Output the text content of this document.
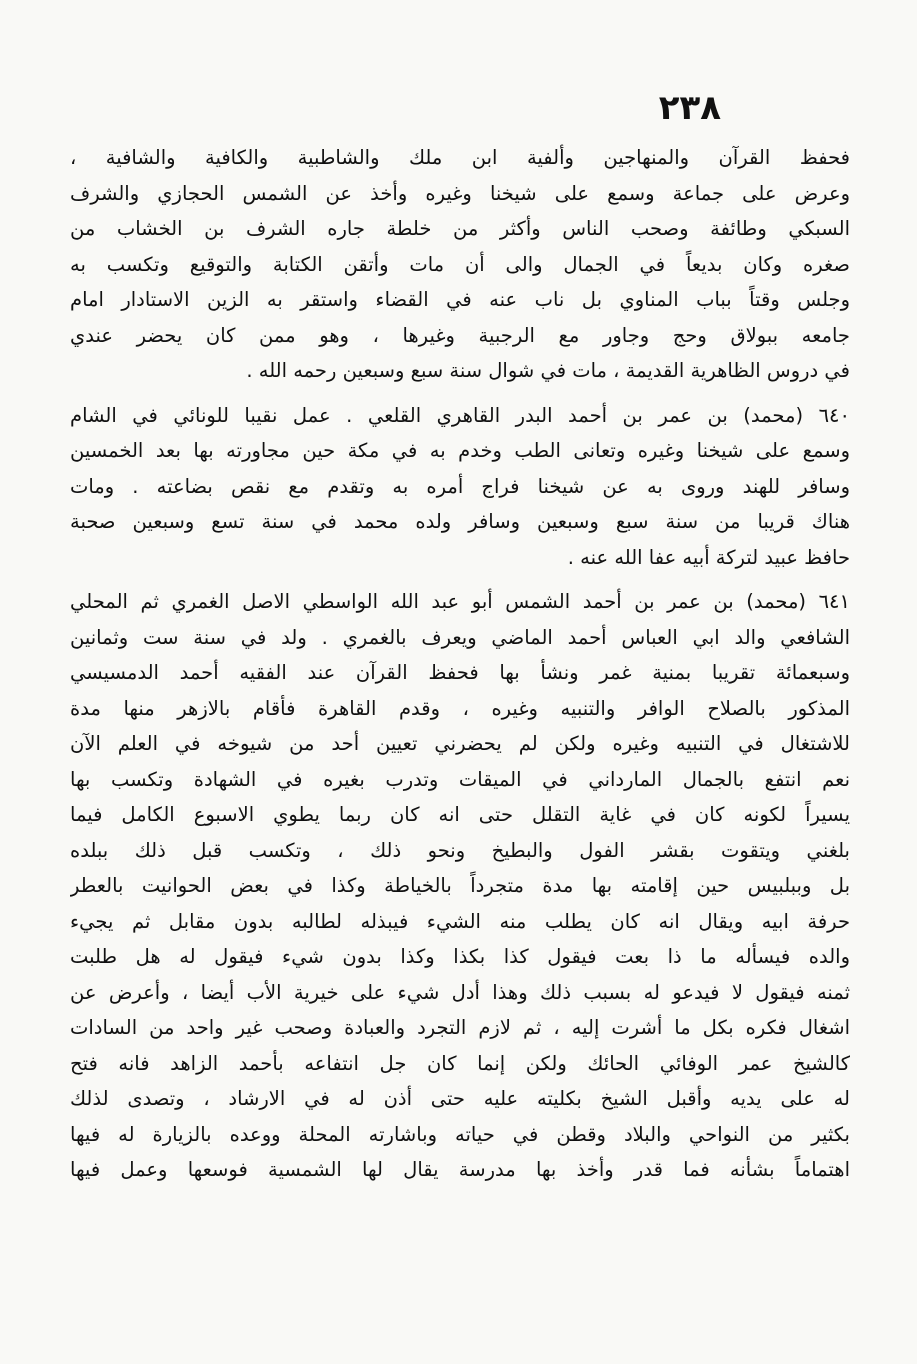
٢٣٨
فحفظ القرآن والمنهاجين وألفية ابن ملك والشاطبية والكافية والشافية ،
وعرض على جماعة وسمع على شيخنا وغيره وأخذ عن الشمس الحجازي والشرف
السبكي وطائفة وصحب الناس وأكثر من خلطة جاره الشرف بن الخشاب من
صغره وكان بديعاً في الجمال والى أن مات وأتقن الكتابة والتوقيع وتكسب به
وجلس وقتاً بباب المناوي بل ناب عنه في القضاء واستقر به الزين الاستادار امام
جامعه ببولاق وحج وجاور مع الرجبية وغيرها ، وهو ممن كان يحضر عندي
في دروس الظاهرية القديمة ، مات في شوال سنة سبع وسبعين رحمه الله .
٦٤٠ (محمد) بن عمر بن أحمد البدر القاهري القلعي . عمل نقيبا للونائي في الشام
وسمع على شيخنا وغيره وتعانى الطب وخدم به في مكة حين مجاورته بها بعد الخمسين
وسافر للهند وروى به عن شيخنا فراج أمره به وتقدم مع نقص بضاعته . ومات
هناك قريبا من سنة سبع وسبعين وسافر ولده محمد في سنة تسع وسبعين صحبة
حافظ عبيد لتركة أبيه عفا الله عنه .
٦٤١ (محمد) بن عمر بن أحمد الشمس أبو عبد الله الواسطي الاصل الغمري ثم المحلي
الشافعي والد ابي العباس أحمد الماضي ويعرف بالغمري . ولد في سنة ست وثمانين
وسبعمائة تقريبا بمنية غمر ونشأ بها فحفظ القرآن عند الفقيه أحمد الدمسيسي
المذكور بالصلاح الوافر والتنبيه وغيره ، وقدم القاهرة فأقام بالازهر منها مدة
للاشتغال في التنبيه وغيره ولكن لم يحضرني تعيين أحد من شيوخه في العلم الآن
نعم انتفع بالجمال المارداني في الميقات وتدرب بغيره في الشهادة وتكسب بها
يسيراً لكونه كان في غاية التقلل حتى انه كان ربما يطوي الاسبوع الكامل فيما
بلغني ويتقوت بقشر الفول والبطيخ ونحو ذلك ، وتكسب قبل ذلك ببلده
بل وببلبيس حين إقامته بها مدة متجرداً بالخياطة وكذا في بعض الحوانيت بالعطر
حرفة ابيه ويقال انه كان يطلب منه الشيء فيبذله لطالبه بدون مقابل ثم يجيء
والده فيسأله ما ذا بعت فيقول كذا بكذا وكذا بدون شيء فيقول له هل طلبت
ثمنه فيقول لا فيدعو له بسبب ذلك وهذا أدل شيء على خيرية الأب أيضا ، وأعرض عن
اشغال فكره بكل ما أشرت إليه ، ثم لازم التجرد والعبادة وصحب غير واحد من السادات
كالشيخ عمر الوفائي الحائك ولكن إنما كان جل انتفاعه بأحمد الزاهد فانه فتح
له على يديه وأقبل الشيخ بكليته عليه حتى أذن له في الارشاد ، وتصدى لذلك
بكثير من النواحي والبلاد وقطن في حياته وباشارته المحلة ووعده بالزيارة له فيها
اهتماماً بشأنه فما قدر وأخذ بها مدرسة يقال لها الشمسية فوسعها وعمل فيها
